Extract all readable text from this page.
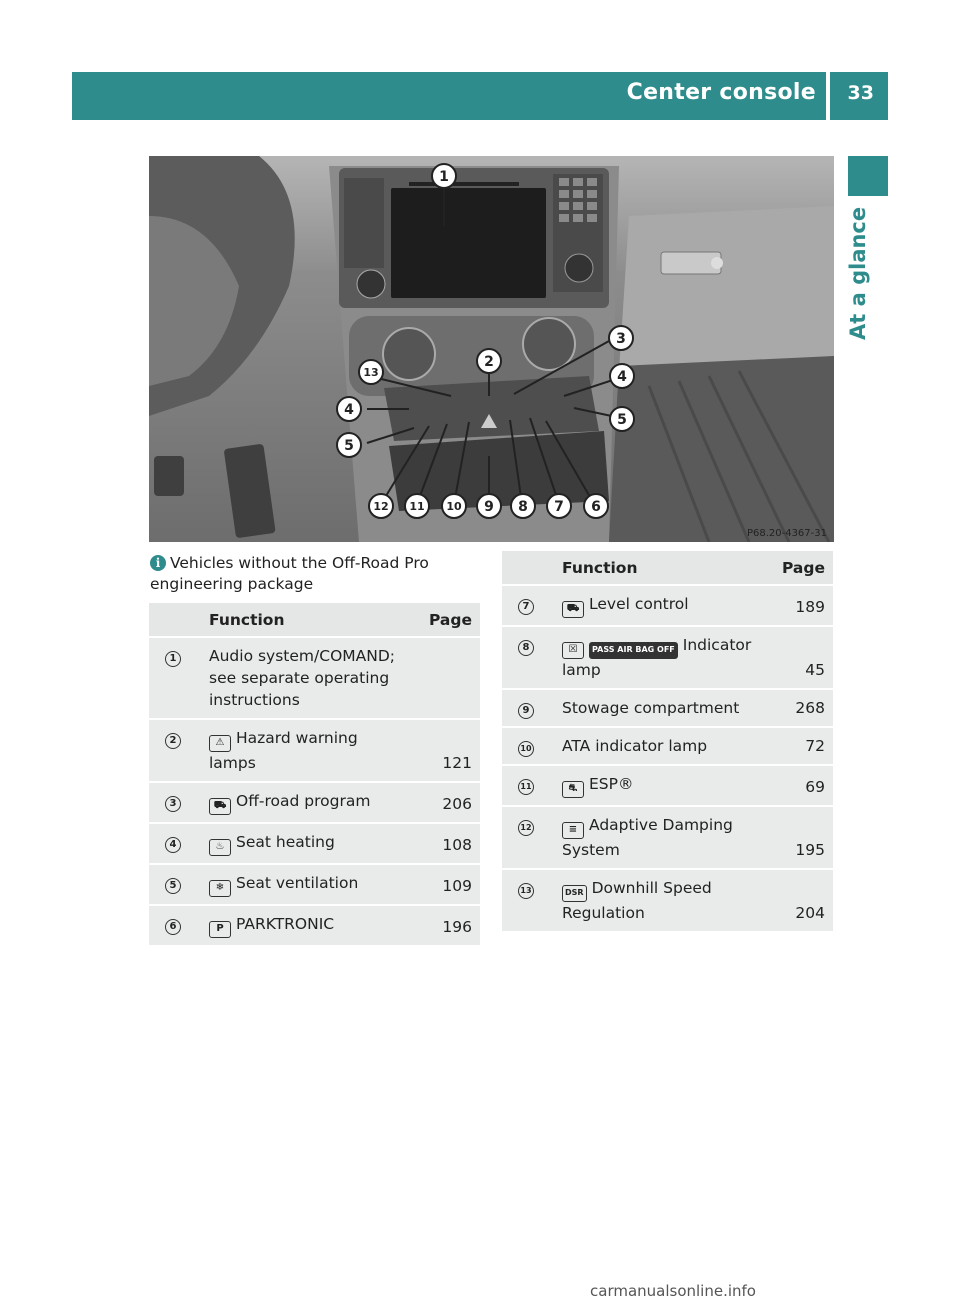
Center console 33
At a glance
1
2
3
4
4
5
5
6
7
8
9
10
11
12
13
P68.20-4367-31
i Vehicles without the Off-Road Pro
engineering package
	Function	Page
1	Audio system/COMAND;
see separate operating
instructions	
2	⚠ Hazard warning
lamps	121
3	⛟ Off-road program	206
4	♨ Seat heating	108
5	❄ Seat ventilation	109
6	P PARKTRONIC	196
	Function	Page
7	⛟ Level control	189
8	☒ PASS AIR BAG OFF Indicator
lamp	45
9	Stowage compartment	268
10	ATA indicator lamp	72
11	⛐ ESP®	69
12	≡ Adaptive Damping
System	195
13	DSR Downhill Speed
Regulation	204
carmanualsonline.info
